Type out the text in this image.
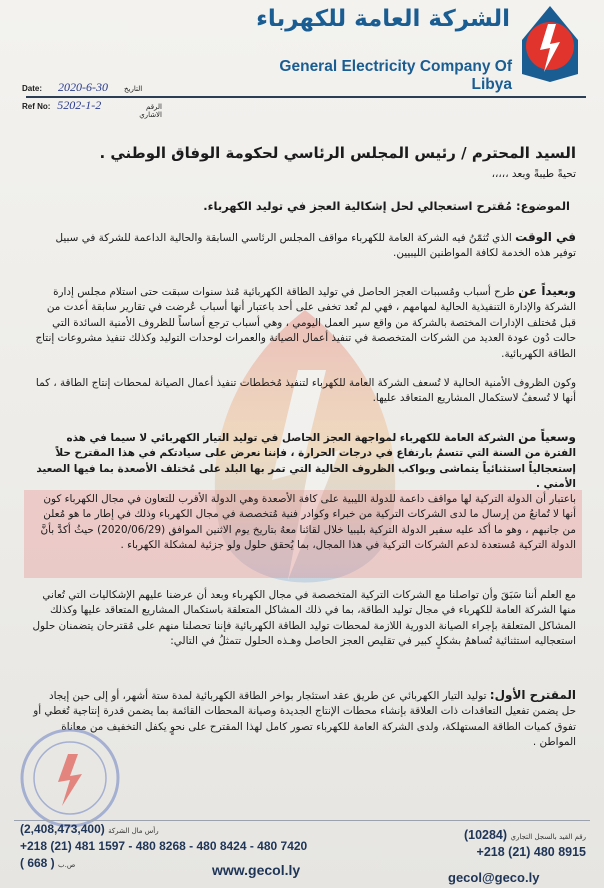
الشركة العامة للكهرباء
General Electricity Company Of Libya
Date:	2020-6-30	التاريخ
Ref No: 5202-1-2	الرقم الاشاري
السيد المحترم / رئيس المجلس الرئاسي لحكومة الوفاق الوطني .
تحيةً طيبةً وبعد ،،،،،
الموضوع: مُقترح استعجالي لحل إشكالية العجز في توليد الكهرباء.
في الوقت الذي تُثمّنُ فيه الشركة العامة للكهرباء مواقف المجلس الرئاسي السابقة والحالية الداعمة للشركة في سبيل توفير هذه الخدمة لكافة المواطنين الليبيين.
وبعيداً عن طرح أسباب ومُسببات العجز الحاصل في توليد الطاقة الكهربائية مُنذ سنوات سبقت حتى استلام مجلس إدارة الشركة والإدارة التنفيذية الحالية لمهامهم ، فهي لم تُعد تخفى على أحد باعتبار أنها أسباب عُرضت في تقارير سابقة أعدت من قبل مُختلف الإدارات المختصة بالشركة من واقع سير العمل اليومي ، وهي أسباب ترجع أساساً للظروف الأمنية السائدة التي حالت دُون عودة العديد من الشركات المتخصصة في تنفيذ أعمال الصيانة والعمرات لوحدات التوليد وكذلك تنفيذ مشروعات إنتاج الطاقة الكهربائية.
وكون الظروف الأمنية الحالية لا تُسعف الشركة العامة للكهرباء لتنفيذ مُخططات تنفيذ أعمال الصيانة لمحطات إنتاج الطاقة ، كما أنها لا تُسعفُ لاستكمال المشاريع المتعاقد عليها.
وسعياً من الشركة العامة للكهرباء لمواجهة العجز الحاصل في توليد التيار الكهربائي لا سيما في هذه الفترة من السنة التي تتسمُ بارتفاع في درجات الحرارة ، فإننا نعرض على سيادتكم في هذا المقترح حلاً إستعجالياً استثنائياً يتماشى ويواكب الظروف الحالية التي تمر بها البلد على مُختلف الأصعدة بما فيها الصعيد الأمني .
باعتبار أن الدولة التركية لها مواقف داعمة للدولة الليبية على كافة الأصعدة وهي الدولة الأقرب للتعاون في مجال الكهرباء كون أنها لا تُمانعُ من إرسال ما لدى الشركات التركية من خبراء وكوادر فنية مُتخصصة في مجال الكهرباء وذلك في إطار ما هو مُعلن من جانبهم ، وهو ما أكد عليه سفير الدولة التركية بليبيا خلال لقائنا معهُ بتاريخ يوم الاثنين الموافق (2020/06/29) حيثُ أكدَّ بأنَّ الدولة التركية مُستعدة لدعم الشركات التركية في هذا المجال، بما يُحقق حلول ولو جزئية لمشكلة الكهرباء .
مع العلم أننا سَبَقَ وأن تواصلنا مع الشركات التركية المتخصصة في مجال الكهرباء وبعد أن عرضنا عليهم الإشكاليات التي تُعاني منها الشركة العامة للكهرباء في مجال توليد الطاقة، بما في ذلك المشاكل المتعلقة باستكمال المشاريع المتعاقد عليها وكذلك المشاكل المتعلقة بإجراء الصيانة الدورية اللازمة لمحطات توليد الطاقة الكهربائية فإننا تحصلنا منهم على مُقترحان يتضمنان حلول استعجاليه استثنائية تُساهمُ بشكلٍ كبير في تقليص العجز الحاصل وهـذه الحلول تتمثلُ في التالي:
المقترح الأول: توليد التيار الكهربائي عن طريق عقد استئجار بواخر الطاقة الكهربائية لمدة ستة أشهر، أو إلى حين إيجاد حل يضمن تفعيل التعاقدات ذات العلاقة بإنشاء محطات الإنتاج الجديدة وصيانة المحطات القائمة بما يضمن قدرة إنتاجية تُغطي أو تفوق كميات الطاقة المستهلكة، ولدى الشركة العامة للكهرباء تصور كامل لهذا المقترح على نحوٍ يكفل التخفيف من معاناة المواطن .
(2,408,473,400) رأس مال الشركة
+218 (21) 481 1597 - 480 8268 - 480 8424 - 480 7420
( 668 ) ص.ب
رقم القيد بالسجل التجاري (10284)
+218 (21) 480 8915
www.gecol.ly	gecol@geco.ly
